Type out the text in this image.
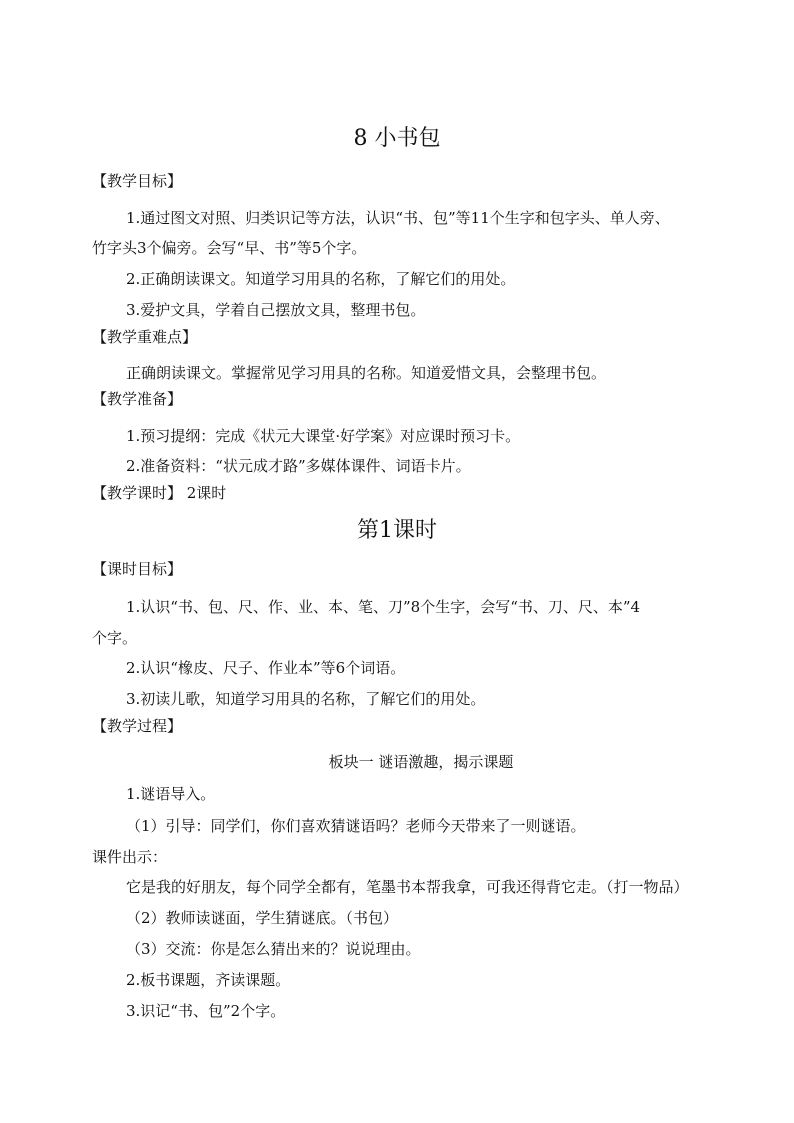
8 小书包
【教学目标】
1.通过图文对照、归类识记等方法，认识“书、包”等11个生字和包字头、单人旁、
竹字头3个偏旁。会写“早、书”等5个字。
2.正确朗读课文。知道学习用具的名称，了解它们的用处。
3.爱护文具，学着自己摆放文具，整理书包。
【教学重难点】
正确朗读课文。掌握常见学习用具的名称。知道爱惜文具，会整理书包。
【教学准备】
1.预习提纲：完成《状元大课堂·好学案》对应课时预习卡。
2.准备资料：“状元成才路”多媒体课件、词语卡片。
【教学课时】 2课时
第1课时
【课时目标】
1.认识“书、包、尺、作、业、本、笔、刀”8个生字，会写“书、刀、尺、本”4
个字。
2.认识“橡皮、尺子、作业本”等6个词语。
3.初读儿歌，知道学习用具的名称，了解它们的用处。
【教学过程】
板块一 谜语激趣，揭示课题
1.谜语导入。
（1）引导：同学们，你们喜欢猜谜语吗？老师今天带来了一则谜语。
课件出示：
它是我的好朋友，每个同学全都有，笔墨书本帮我拿，可我还得背它走。（打一物品）
（2）教师读谜面，学生猜谜底。（书包）
（3）交流：你是怎么猜出来的？说说理由。
2.板书课题，齐读课题。
3.识记“书、包”2个字。
